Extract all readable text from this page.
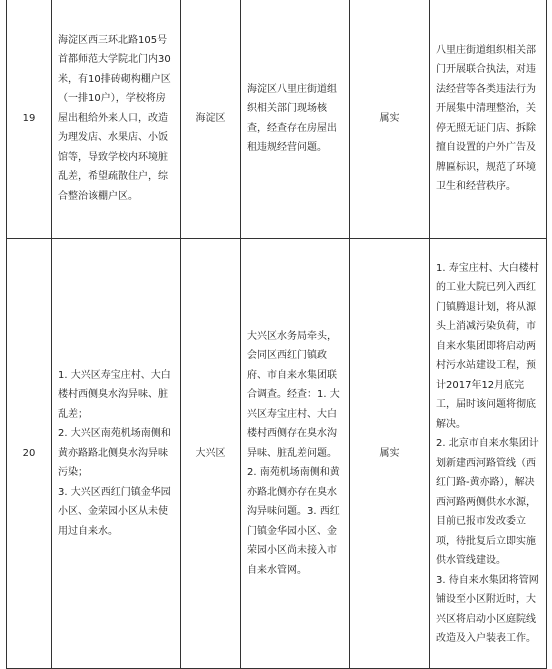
19	海淀区西三环北路105号首都师范大学院北门内30米，有10排砖砌构棚户区（一排10户），学校将房屋出租给外来人口，改造为理发店、水果店、小饭馆等，导致学校内环境脏乱差，希望疏散住户，综合整治该棚户区。	海淀区	海淀区八里庄街道组织相关部门现场核查，经查存在房屋出租违规经营问题。	属实	八里庄街道组织相关部门开展联合执法，对违法经营等各类违法行为开展集中清理整治，关停无照无证门店、拆除擅自设置的户外广告及牌匾标识，规范了环境卫生和经营秩序。

20	1. 大兴区寿宝庄村、大白楼村西侧臭水沟异味、脏乱差；
2. 大兴区南苑机场南侧和黄亦路路北侧臭水沟异味污染；
3. 大兴区西红门镇金华园小区、金荣园小区从未使用过自来水。	大兴区	大兴区水务局牵头，会同区西红门镇政府、市自来水集团联合调查。经查：1. 大兴区寿宝庄村、大白楼村西侧存在臭水沟异味、脏乱差问题。2. 南苑机场南侧和黄亦路北侧亦存在臭水沟异味问题。3. 西红门镇金华园小区、金荣园小区尚未接入市自来水管网。	属实	1. 寿宝庄村、大白楼村的工业大院已列入西红门镇腾退计划，将从源头上消减污染负荷，市自来水集团即将启动两村污水站建设工程，预计2017年12月底完工，届时该问题将彻底解决。
2. 北京市自来水集团计划新建西河路管线（西红门路-黄亦路），解决西河路两侧供水水源，目前已报市发改委立项，待批复后立即实施供水管线建设。
3. 待自来水集团将管网铺设至小区附近时，大兴区将启动小区庭院线改造及入户装表工作。
